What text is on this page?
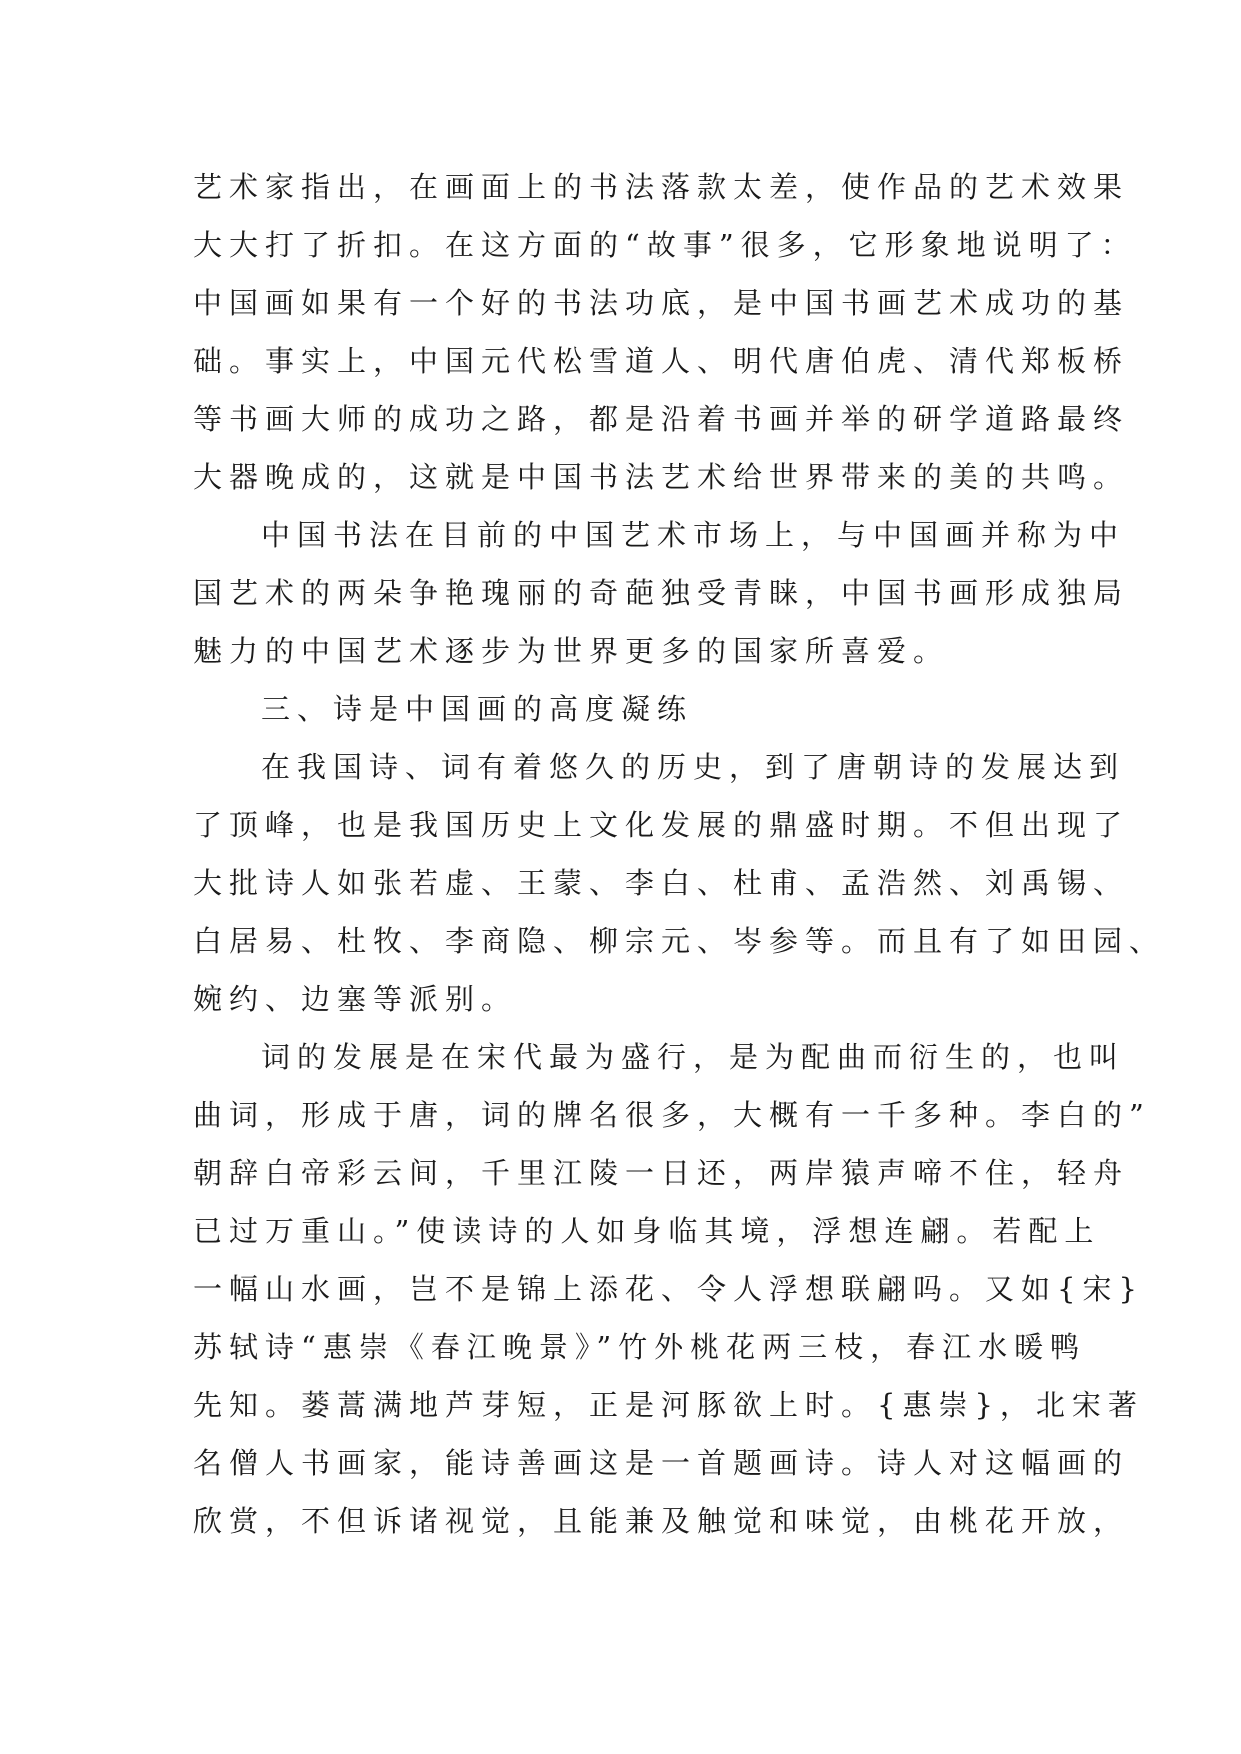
艺术家指出，在画面上的书法落款太差，使作品的艺术效果
大大打了折扣。在这方面的“故事”很多，它形象地说明了：
中国画如果有一个好的书法功底，是中国书画艺术成功的基
础。事实上，中国元代松雪道人、明代唐伯虎、清代郑板桥
等书画大师的成功之路，都是沿着书画并举的研学道路最终
大器晚成的，这就是中国书法艺术给世界带来的美的共鸣。
中国书法在目前的中国艺术市场上，与中国画并称为中
国艺术的两朵争艳瑰丽的奇葩独受青睐，中国书画形成独局
魅力的中国艺术逐步为世界更多的国家所喜爱。
三、诗是中国画的高度凝练
在我国诗、词有着悠久的历史，到了唐朝诗的发展达到
了顶峰，也是我国历史上文化发展的鼎盛时期。不但出现了
大批诗人如张若虚、王蒙、李白、杜甫、孟浩然、刘禹锡、
白居易、杜牧、李商隐、柳宗元、岑参等。而且有了如田园、
婉约、边塞等派别。
词的发展是在宋代最为盛行，是为配曲而衍生的，也叫
曲词，形成于唐，词的牌名很多，大概有一千多种。李白的”
朝辞白帝彩云间，千里江陵一日还，两岸猿声啼不住，轻舟
已过万重山。”使读诗的人如身临其境，浮想连翩。若配上
一幅山水画，岂不是锦上添花、令人浮想联翩吗。又如{宋}
苏轼诗“惠崇《春江晚景》”竹外桃花两三枝，春江水暖鸭
先知。蒌蒿满地芦芽短，正是河豚欲上时。{惠崇}，北宋著
名僧人书画家，能诗善画这是一首题画诗。诗人对这幅画的
欣赏，不但诉诸视觉，且能兼及触觉和味觉，由桃花开放，
